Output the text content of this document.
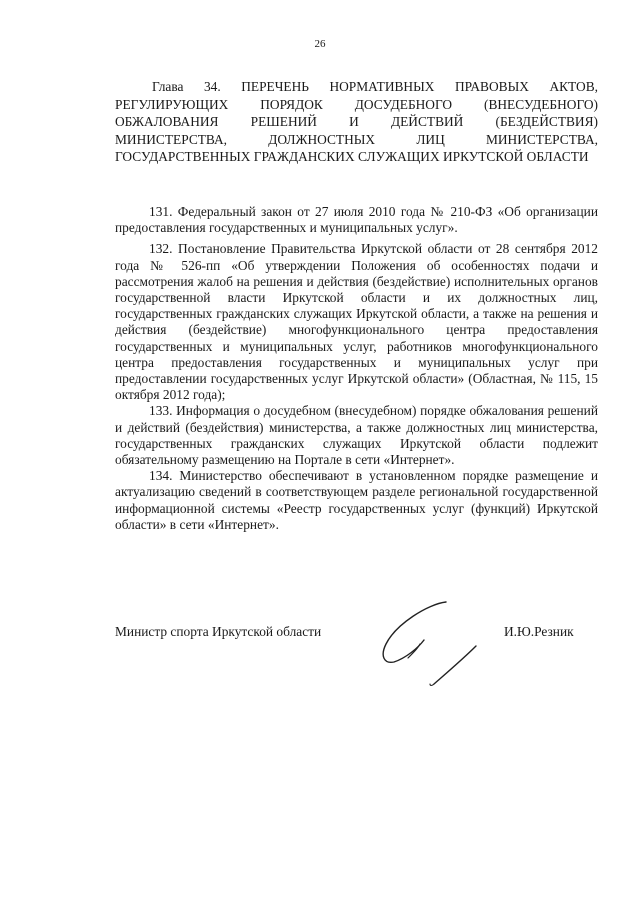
26
Глава 34. ПЕРЕЧЕНЬ НОРМАТИВНЫХ ПРАВОВЫХ АКТОВ, РЕГУЛИРУЮЩИХ ПОРЯДОК ДОСУДЕБНОГО (ВНЕСУДЕБНОГО) ОБЖАЛОВАНИЯ РЕШЕНИЙ И ДЕЙСТВИЙ (БЕЗДЕЙСТВИЯ) МИНИСТЕРСТВА, ДОЛЖНОСТНЫХ ЛИЦ МИНИСТЕРСТВА, ГОСУДАРСТВЕННЫХ ГРАЖДАНСКИХ СЛУЖАЩИХ ИРКУТСКОЙ ОБЛАСТИ

131. Федеральный закон от 27 июля 2010 года № 210-ФЗ «Об организации предоставления государственных и муниципальных услуг».

132. Постановление Правительства Иркутской области от 28 сентября 2012 года № 526-пп «Об утверждении Положения об особенностях подачи и рассмотрения жалоб на решения и действия (бездействие) исполнительных органов государственной власти Иркутской области и их должностных лиц, государственных гражданских служащих Иркутской области, а также на решения и действия (бездействие) многофункционального центра предоставления государственных и муниципальных услуг, работников многофункционального центра предоставления государственных и муниципальных услуг при предоставлении государственных услуг Иркутской области» (Областная, № 115, 15 октября 2012 года);

133. Информация о досудебном (внесудебном) порядке обжалования решений и действий (бездействия) министерства, а также должностных лиц министерства, государственных гражданских служащих Иркутской области подлежит обязательному размещению на Портале в сети «Интернет».

134. Министерство обеспечивают в установленном порядке размещение и актуализацию сведений в соответствующем разделе региональной государственной информационной системы «Реестр государственных услуг (функций) Иркутской области» в сети «Интернет».

Министр спорта Иркутской области	И.Ю.Резник
